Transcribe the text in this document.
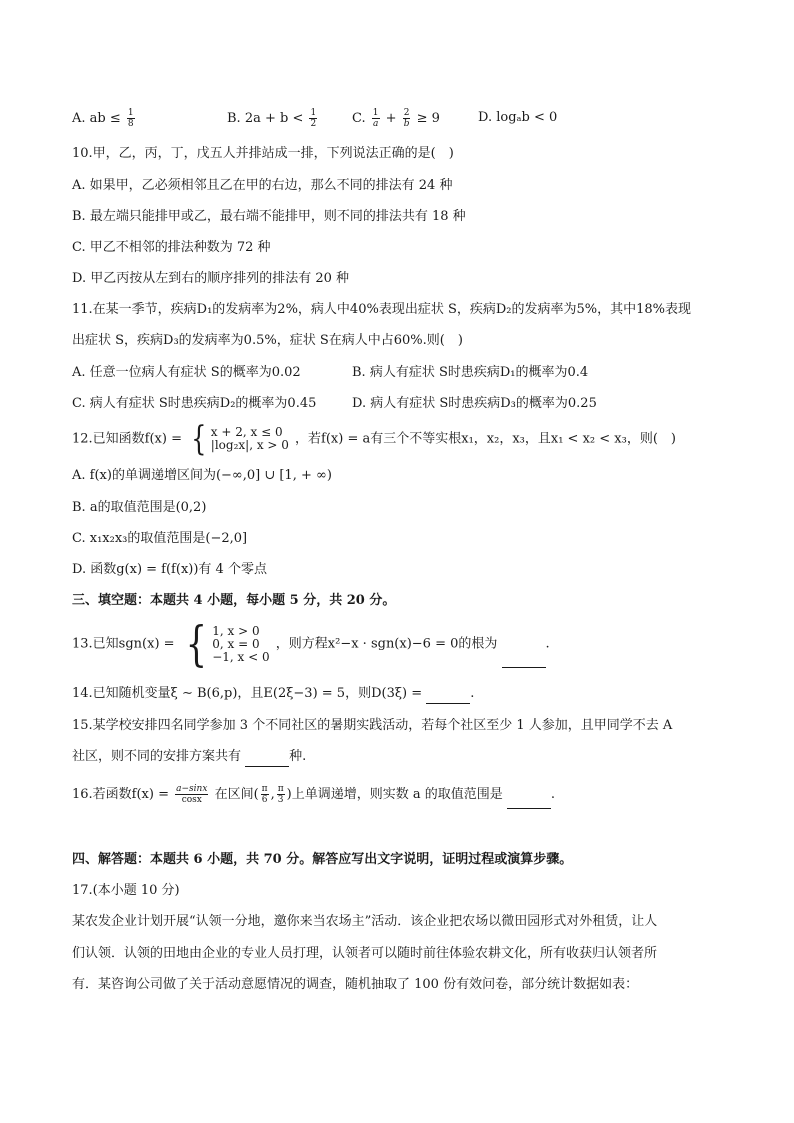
A. ab ≤ $\frac{1}{8}$	B. $2a + b < \frac{1}{2}$	C. $\frac{1}{a} + \frac{2}{b} \ge 9$	D. logₐb < 0
10.甲，乙，丙，丁，戊五人并排站成一排，下列说法正确的是(　)
A. 如果甲，乙必须相邻且乙在甲的右边，那么不同的排法有 24 种
B. 最左端只能排甲或乙，最右端不能排甲，则不同的排法共有 18 种
C. 甲乙不相邻的排法种数为 72 种
D. 甲乙丙按从左到右的顺序排列的排法有 20 种
11.在某一季节，疾病D₁的发病率为2%，病人中40%表现出症状 S，疾病D₂的发病率为5%，其中18%表现
出症状 S，疾病D₃的发病率为0.5%，症状 S在病人中占60%.则(　)
A. 任意一位病人有症状 S的概率为0.02	B. 病人有症状 S时患疾病D₁的概率为0.4
C. 病人有症状 S时患疾病D₂的概率为0.45	D. 病人有症状 S时患疾病D₃的概率为0.25
12.已知函数f(x) = { x + 2, x ≤ 0
|log₂x|, x > 0 ，若f(x) = a有三个不等实根x₁，x₂，x₃，且x₁ < x₂ < x₃，则(　)
A. f(x)的单调递增区间为(−∞,0] ∪ [1, + ∞)
B. a的取值范围是(0,2)
C. x₁x₂x₃的取值范围是(−2,0]
D. 函数g(x) = f(f(x))有 4 个零点
三、填空题：本题共 4 小题，每小题 5 分，共 20 分。
13.已知sgn(x) = { 1, x > 0
0, x = 0
−1, x < 0
，则方程x²−x · sgn(x)−6 = 0的根为	.
14.已知随机变量ξ ∼ B(6,p)，且E(2ξ−3) = 5，则D(3ξ) =	.
15.某学校安排四名同学参加 3 个不同社区的暑期实践活动，若每个社区至少 1 人参加，且甲同学不去 A
社区，则不同的安排方案共有	种.
16.若函数$f(x) = \frac{a-\sin x}{\cos x}$ 在区间( $\frac{\pi}{6}$ , $\frac{\pi}{3}$ )上单调递增，则实数 a 的取值范围是	.
四、解答题：本题共 6 小题，共 70 分。解答应写出文字说明，证明过程或演算步骤。
17.(本小题 10 分)
某农发企业计划开展“认领一分地，邀你来当农场主”活动．该企业把农场以微田园形式对外租赁，让人
们认领．认领的田地由企业的专业人员打理，认领者可以随时前往体验农耕文化，所有收获归认领者所
有．某咨询公司做了关于活动意愿情况的调查，随机抽取了 100 份有效问卷，部分统计数据如表：
